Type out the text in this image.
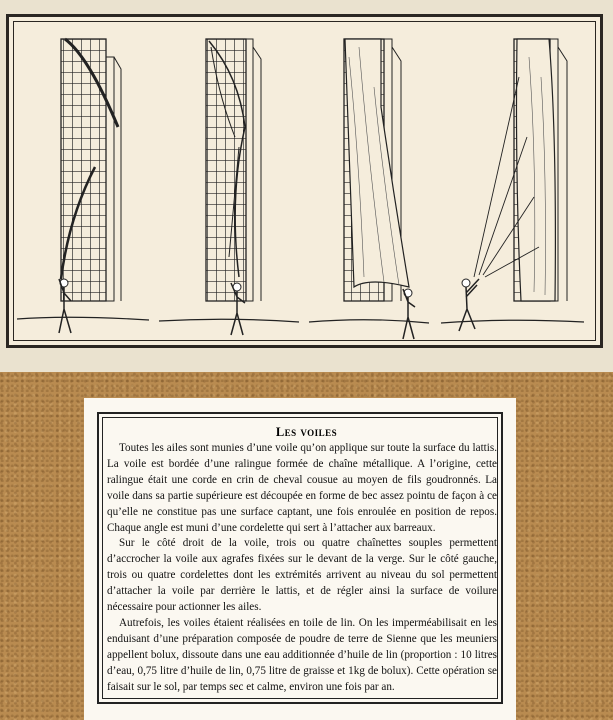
Les voiles

Toutes les ailes sont munies d’une voile qu’on applique sur toute la surface du lattis. La voile est bordée d’une ralingue formée de chaîne métallique. A l’origine, cette ralingue était une corde en crin de cheval cousue au moyen de fils goudronnés. La voile dans sa partie supérieure est découpée en forme de bec assez pointu de façon à ce qu’elle ne constitue pas une surface captant, une fois enroulée en position de repos. Chaque angle est muni d’une cordelette qui sert à l’attacher aux barreaux.

Sur le côté droit de la voile, trois ou quatre chaînettes souples permettent d’accrocher la voile aux agrafes fixées sur le devant de la verge. Sur le côté gauche, trois ou quatre cordelettes dont les extrémités arrivent au niveau du sol permettent d’attacher la voile par derrière le lattis, et de régler ainsi la surface de voilure nécessaire pour actionner les ailes.

Autrefois, les voiles étaient réalisées en toile de lin. On les imperméabilisait en les enduisant d’une préparation composée de poudre de terre de Sienne que les meuniers appellent bolux, dissoute dans une eau additionnée d’huile de lin (proportion : 10 litres d’eau, 0,75 litre d’huile de lin, 0,75 litre de graisse et 1kg de bolux). Cette opération se faisait sur le sol, par temps sec et calme, environ une fois par an.
